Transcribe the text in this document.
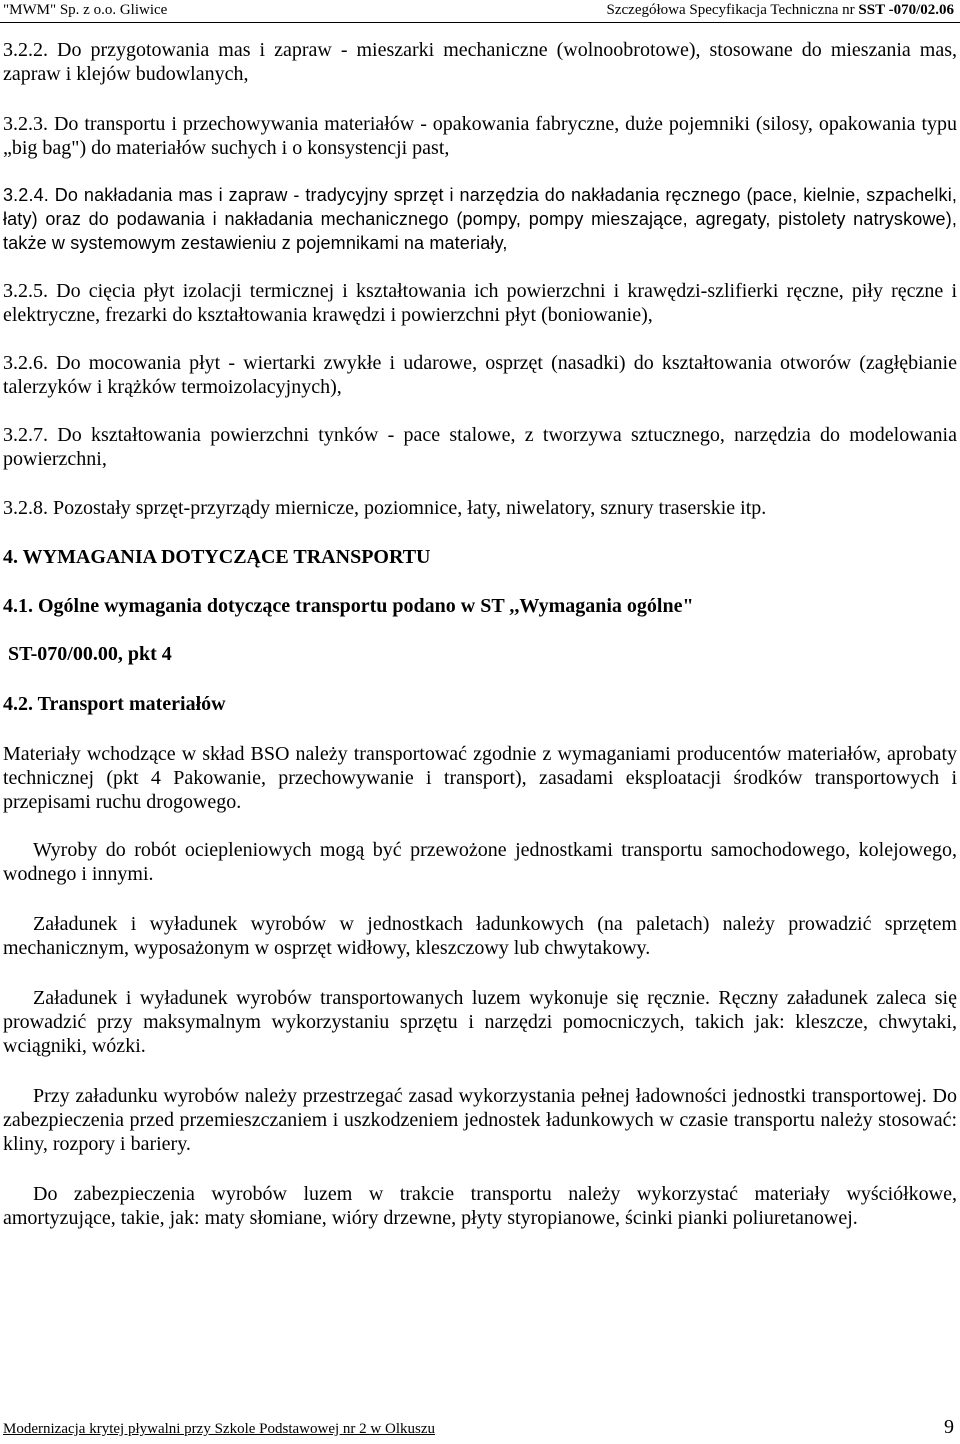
"MWM" Sp. z o.o. Gliwice	Szczegółowa Specyfikacja Techniczna nr SST -070/02.06

3.2.2. Do przygotowania mas i zapraw - mieszarki mechaniczne (wolnoobrotowe), stosowane do mieszania mas, zapraw i klejów budowlanych,

3.2.3. Do transportu i przechowywania materiałów - opakowania fabryczne, duże pojemniki (silosy, opakowania typu „big bag") do materiałów suchych i o konsystencji past,

3.2.4. Do nakładania mas i zapraw - tradycyjny sprzęt i narzędzia do nakładania ręcznego (pace, kielnie, szpachelki, łaty) oraz do podawania i nakładania mechanicznego (pompy, pompy mieszające, agregaty, pistolety natryskowe), także w systemowym zestawieniu z pojemnikami na materiały,

3.2.5. Do cięcia płyt izolacji termicznej i kształtowania ich powierzchni i krawędzi-szlifierki ręczne, piły ręczne i elektryczne, frezarki do kształtowania krawędzi i powierzchni płyt (boniowanie),

3.2.6. Do mocowania płyt - wiertarki zwykłe i udarowe, osprzęt (nasadki) do kształtowania otworów (zagłębianie talerzyków i krążków termoizolacyjnych),

3.2.7. Do kształtowania powierzchni tynków - pace stalowe, z tworzywa sztucznego, narzędzia do modelowania powierzchni,

3.2.8. Pozostały sprzęt-przyrządy miernicze, poziomnice, łaty, niwelatory, sznury traserskie itp.

4. WYMAGANIA DOTYCZĄCE TRANSPORTU

4.1. Ogólne wymagania dotyczące transportu podano w ST ,,Wymagania ogólne"

ST-070/00.00, pkt 4

4.2. Transport materiałów

Materiały wchodzące w skład BSO należy transportować zgodnie z wymaganiami producentów materiałów, aprobaty technicznej (pkt 4 Pakowanie, przechowywanie i transport), zasadami eksploatacji środków transportowych i przepisami ruchu drogowego.

Wyroby do robót ociepleniowych mogą być przewożone jednostkami transportu samochodowego, kolejowego, wodnego i innymi.

Załadunek i wyładunek wyrobów w jednostkach ładunkowych (na paletach) należy prowadzić sprzętem mechanicznym, wyposażonym w osprzęt widłowy, kleszczowy lub chwytakowy.

Załadunek i wyładunek wyrobów transportowanych luzem wykonuje się ręcznie. Ręczny załadunek zaleca się prowadzić przy maksymalnym wykorzystaniu sprzętu i narzędzi pomocniczych, takich jak: kleszcze, chwytaki, wciągniki, wózki.

Przy załadunku wyrobów należy przestrzegać zasad wykorzystania pełnej ładowności jednostki transportowej. Do zabezpieczenia przed przemieszczaniem i uszkodzeniem jednostek ładunkowych w czasie transportu należy stosować: kliny, rozpory i bariery.

Do zabezpieczenia wyrobów luzem w trakcie transportu należy wykorzystać materiały wyściółkowe, amortyzujące, takie, jak: maty słomiane, wióry drzewne, płyty styropianowe, ścinki pianki poliuretanowej.

Modernizacja krytej pływalni przy Szkole Podstawowej nr 2 w Olkuszu	9
